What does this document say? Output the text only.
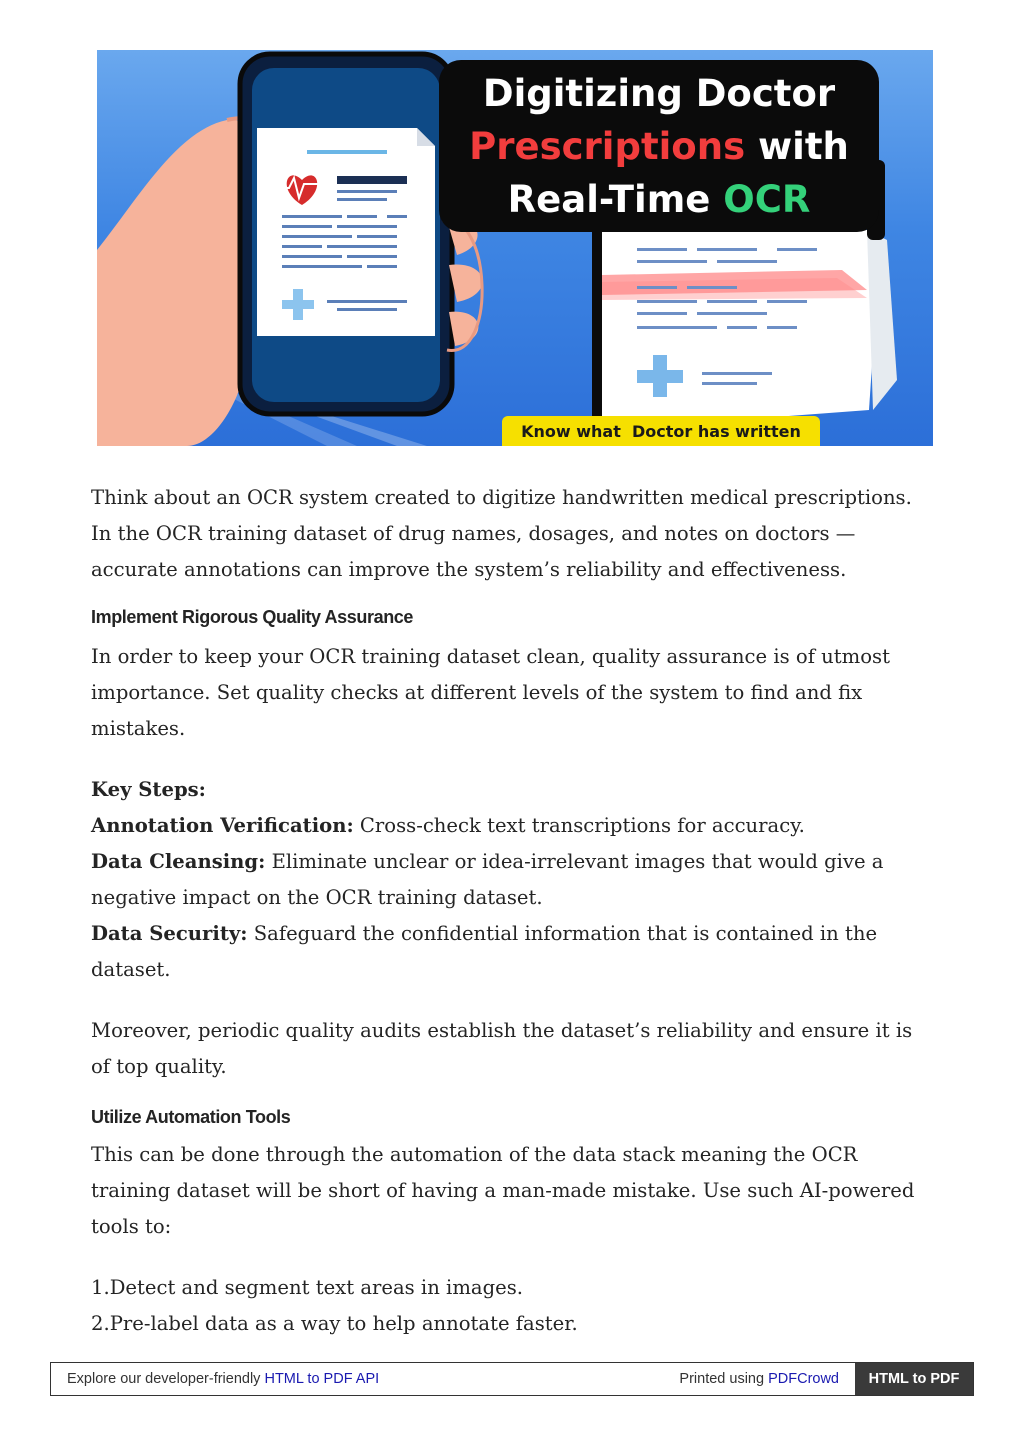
Digitizing Doctor
Prescriptions with
Real-Time OCR
Know what  Doctor has written

Think about an OCR system created to digitize handwritten medical prescriptions. In the OCR training dataset of drug names, dosages, and notes on doctors — accurate annotations can improve the system’s reliability and effectiveness.

Implement Rigorous Quality Assurance

In order to keep your OCR training dataset clean, quality assurance is of utmost importance. Set quality checks at different levels of the system to find and fix mistakes.

Key Steps:

Annotation Verification: Cross-check text transcriptions for accuracy.

Data Cleansing: Eliminate unclear or idea-irrelevant images that would give a negative impact on the OCR training dataset.

Data Security: Safeguard the confidential information that is contained in the dataset.

Moreover, periodic quality audits establish the dataset’s reliability and ensure it is of top quality.

Utilize Automation Tools

This can be done through the automation of the data stack meaning the OCR training dataset will be short of having a man-made mistake. Use such AI-powered tools to:

1.Detect and segment text areas in images.

2.Pre-label data as a way to help annotate faster.

Explore our developer-friendly HTML to PDF API	Printed using PDFCrowd	HTML to PDF
